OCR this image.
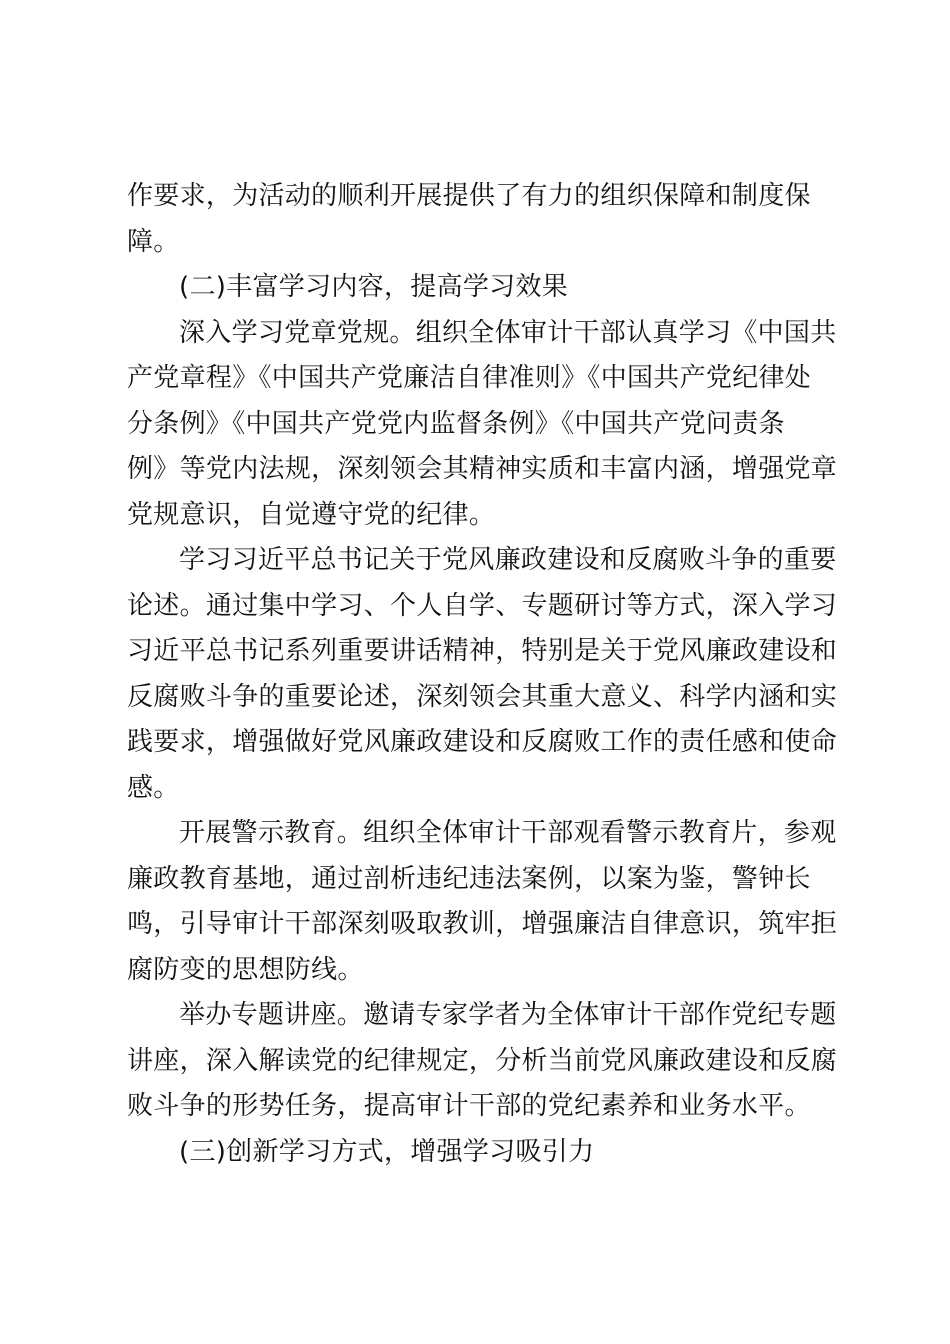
作要求，为活动的顺利开展提供了有力的组织保障和制度保
障。
(二)丰富学习内容，提高学习效果
深入学习党章党规。组织全体审计干部认真学习《中国共
产党章程》《中国共产党廉洁自律准则》《中国共产党纪律处
分条例》《中国共产党党内监督条例》《中国共产党问责条
例》等党内法规，深刻领会其精神实质和丰富内涵，增强党章
党规意识，自觉遵守党的纪律。
学习习近平总书记关于党风廉政建设和反腐败斗争的重要
论述。通过集中学习、个人自学、专题研讨等方式，深入学习
习近平总书记系列重要讲话精神，特别是关于党风廉政建设和
反腐败斗争的重要论述，深刻领会其重大意义、科学内涵和实
践要求，增强做好党风廉政建设和反腐败工作的责任感和使命
感。
开展警示教育。组织全体审计干部观看警示教育片，参观
廉政教育基地，通过剖析违纪违法案例，以案为鉴，警钟长
鸣，引导审计干部深刻吸取教训，增强廉洁自律意识，筑牢拒
腐防变的思想防线。
举办专题讲座。邀请专家学者为全体审计干部作党纪专题
讲座，深入解读党的纪律规定，分析当前党风廉政建设和反腐
败斗争的形势任务，提高审计干部的党纪素养和业务水平。
(三)创新学习方式，增强学习吸引力
